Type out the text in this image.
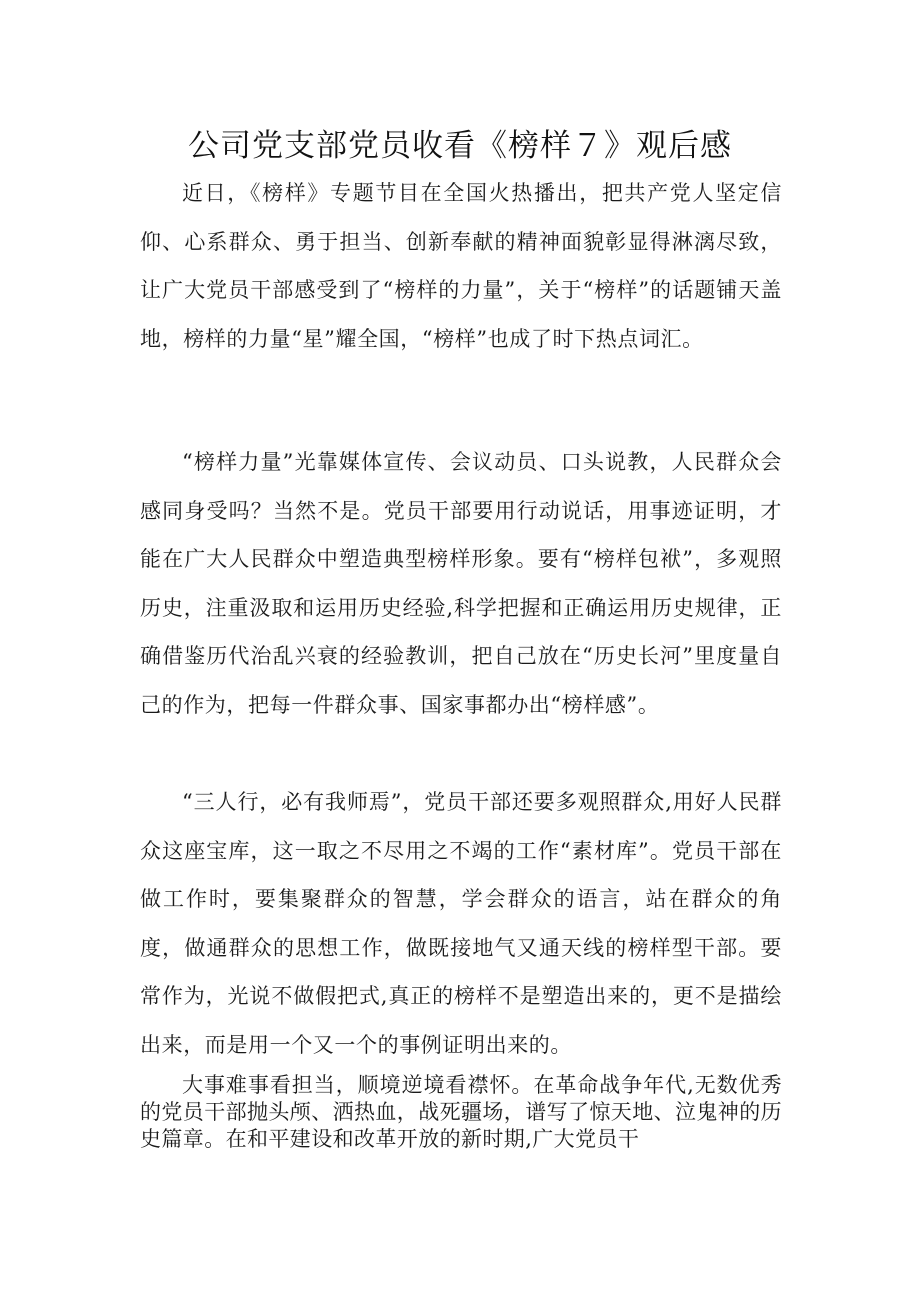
公司党支部党员收看《榜样７》观后感

近日，《榜样》专题节目在全国火热播出，把共产党人坚定信仰、心系群众、勇于担当、创新奉献的精神面貌彰显得淋漓尽致，让广大党员干部感受到了“榜样的力量”，关于“榜样”的话题铺天盖地，榜样的力量“星”耀全国，“榜样”也成了时下热点词汇。

“榜样力量”光靠媒体宣传、会议动员、口头说教，人民群众会感同身受吗？当然不是。党员干部要用行动说话，用事迹证明，才能在广大人民群众中塑造典型榜样形象。要有“榜样包袱”，多观照历史，注重汲取和运用历史经验,科学把握和正确运用历史规律，正确借鉴历代治乱兴衰的经验教训，把自己放在“历史长河”里度量自己的作为，把每一件群众事、国家事都办出“榜样感”。

“三人行，必有我师焉”，党员干部还要多观照群众,用好人民群众这座宝库，这一取之不尽用之不竭的工作“素材库”。党员干部在做工作时，要集聚群众的智慧，学会群众的语言，站在群众的角度，做通群众的思想工作，做既接地气又通天线的榜样型干部。要常作为，光说不做假把式,真正的榜样不是塑造出来的，更不是描绘出来，而是用一个又一个的事例证明出来的。

大事难事看担当，顺境逆境看襟怀。在革命战争年代,无数优秀的党员干部抛头颅、洒热血，战死疆场，谱写了惊天地、泣鬼神的历史篇章。在和平建设和改革开放的新时期,广大党员干
